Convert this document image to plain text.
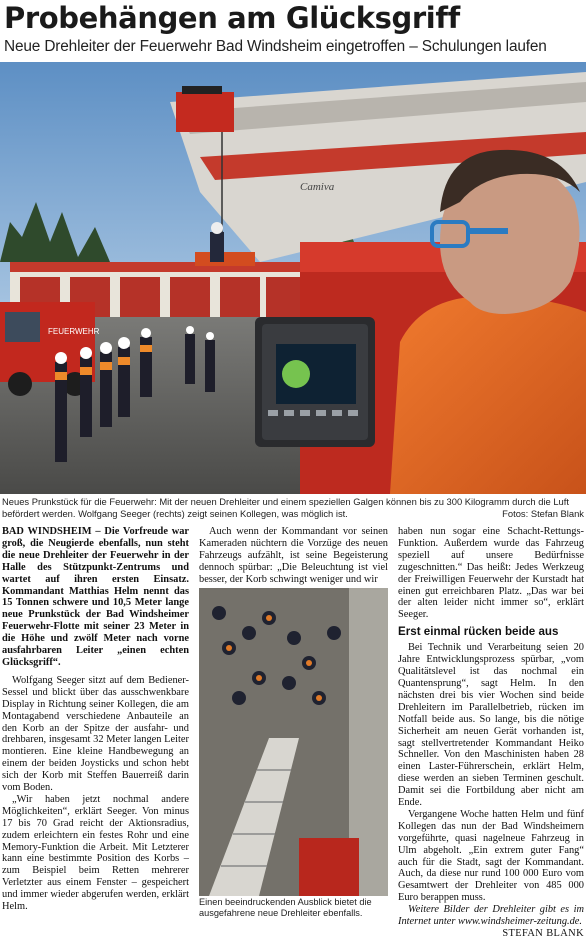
Probehängen am Glücksgriff
Neue Drehleiter der Feuerwehr Bad Windsheim eingetroffen – Schulungen laufen
FEUERWEHR
Camiva
Neues Prunkstück für die Feuerwehr: Mit der neuen Drehleiter und einem speziellen Galgen können bis zu 300 Kilogramm durch die Luft befördert werden. Wolfgang Seeger (rechts) zeigt seinen Kollegen, was möglich ist.	Fotos: Stefan Blank

BAD WINDSHEIM – Die Vorfreude war groß, die Neugierde ebenfalls, nun steht die neue Drehleiter der Feuerwehr in der Halle des Stützpunkt-Zentrums und wartet auf ihren ersten Einsatz. Kommandant Matthias Helm nennt das 15 Tonnen schwere und 10,5 Meter lange neue Prunkstück der Bad Windsheimer Feuerwehr-Flotte mit seiner 23 Meter in die Höhe und zwölf Meter nach vorne ausfahrbaren Leiter „einen echten Glücksgriff“.

Wolfgang Seeger sitzt auf dem Bediener-Sessel und blickt über das ausschwenkbare Display in Richtung seiner Kollegen, die am Montagabend verschiedene Anbauteile an den Korb an der Spitze der ausfahr- und drehbaren, insgesamt 32 Meter langen Leiter montieren. Eine kleine Handbewegung an einem der beiden Joysticks und schon hebt sich der Korb mit Steffen Bauerreiß darin vom Boden.

„Wir haben jetzt nochmal andere Möglichkeiten“, erklärt Seeger. Von minus 17 bis 70 Grad reicht der Aktionsradius, zudem erleichtern ein festes Rohr und eine Memory-Funktion die Arbeit. Mit Letzterer kann eine bestimmte Position des Korbs – zum Beispiel beim Retten mehrerer Verletzter aus einem Fenster – gespeichert und immer wieder abgerufen werden, erklärt Helm.

Auch wenn der Kommandant vor seinen Kameraden nüchtern die Vorzüge des neuen Fahrzeugs aufzählt, ist seine Begeisterung dennoch spürbar: „Die Beleuchtung ist viel besser, der Korb schwingt weniger und wir

Einen beeindruckenden Ausblick bietet die ausgefahrene neue Drehleiter ebenfalls.

haben nun sogar eine Schacht-Rettungs-Funktion. Außerdem wurde das Fahrzeug speziell auf unsere Bedürfnisse zugeschnitten.“ Das heißt: Jedes Werkzeug der Freiwilligen Feuerwehr der Kurstadt hat einen gut erreichbaren Platz. „Das war bei der alten leider nicht immer so“, erklärt Seeger.

Erst einmal rücken beide aus

Bei Technik und Verarbeitung seien 20 Jahre Entwicklungsprozess spürbar, „vom Qualitätslevel ist das nochmal ein Quantensprung“, sagt Helm. In den nächsten drei bis vier Wochen sind beide Drehleitern im Parallelbetrieb, rücken im Notfall beide aus. So lange, bis die nötige Sicherheit am neuen Gerät vorhanden ist, sagt stellvertretender Kommandant Heiko Schneller. Von den Maschinisten haben 28 einen Laster-Führerschein, erklärt Helm, diese werden an sieben Terminen geschult. Damit sei die Fortbildung aber nicht am Ende.

Vergangene Woche hatten Helm und fünf Kollegen das nun der Bad Windsheimern vorgeführte, quasi nagelneue Fahrzeug in Ulm abgeholt. „Ein extrem guter Fang“ auch für die Stadt, sagt der Kommandant. Auch, da diese nur rund 100 000 Euro vom Gesamtwert der Drehleiter von 485 000 Euro berappen muss.

Weitere Bilder der Drehleiter gibt es im Internet unter www.windsheimer-zeitung.de.
STEFAN BLANK
